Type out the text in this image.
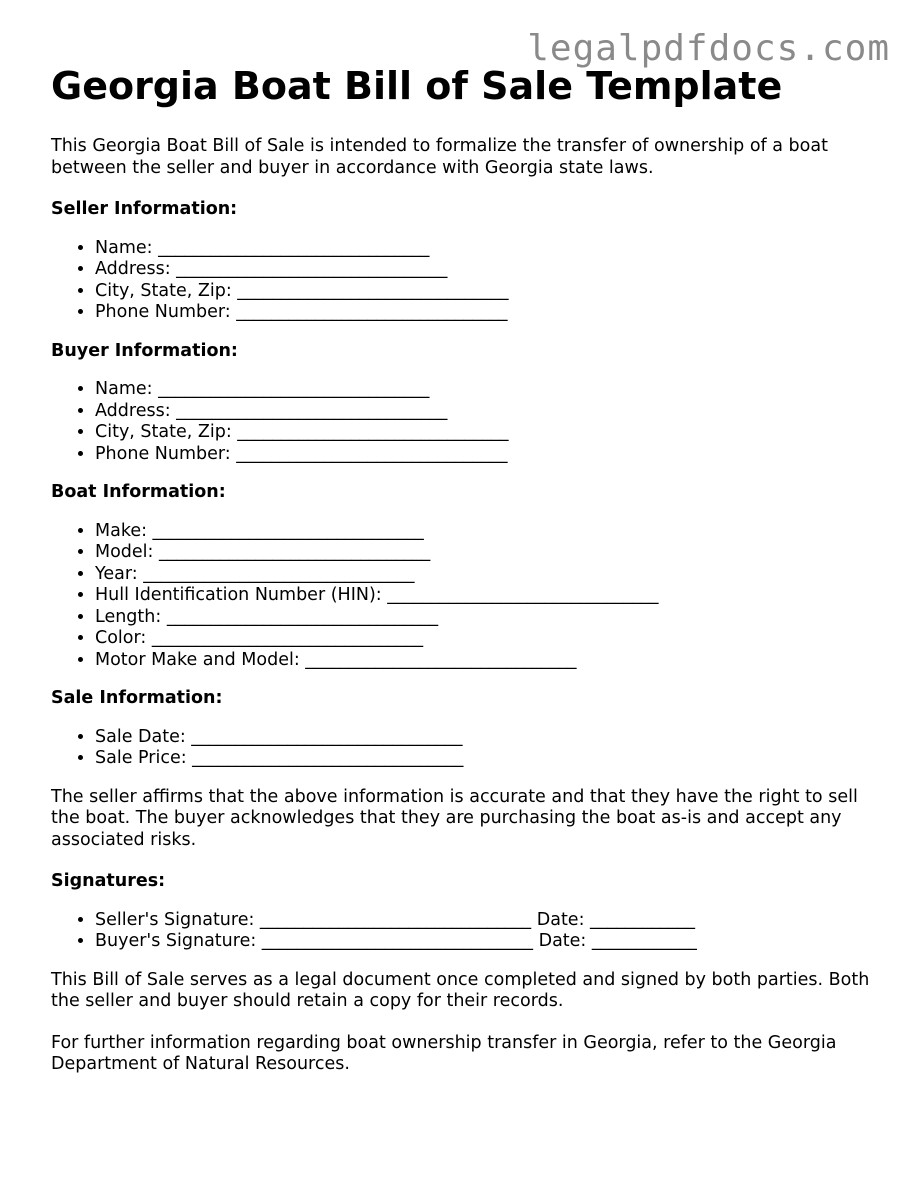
legalpdfdocs.com
Georgia Boat Bill of Sale Template

This Georgia Boat Bill of Sale is intended to formalize the transfer of ownership of a boat between the seller and buyer in accordance with Georgia state laws.

Seller Information:
• Name: _______________________________
• Address: _______________________________
• City, State, Zip: _______________________________
• Phone Number: _______________________________
Buyer Information:
• Name: _______________________________
• Address: _______________________________
• City, State, Zip: _______________________________
• Phone Number: _______________________________
Boat Information:
• Make: _______________________________
• Model: _______________________________
• Year: _______________________________
• Hull Identification Number (HIN): _______________________________
• Length: _______________________________
• Color: _______________________________
• Motor Make and Model: _______________________________
Sale Information:
• Sale Date: _______________________________
• Sale Price: _______________________________

The seller affirms that the above information is accurate and that they have the right to sell the boat. The buyer acknowledges that they are purchasing the boat as-is and accept any associated risks.

Signatures:
• Seller's Signature: _______________________________ Date: ____________
• Buyer's Signature: _______________________________ Date: ____________

This Bill of Sale serves as a legal document once completed and signed by both parties. Both the seller and buyer should retain a copy for their records.

For further information regarding boat ownership transfer in Georgia, refer to the Georgia Department of Natural Resources.
